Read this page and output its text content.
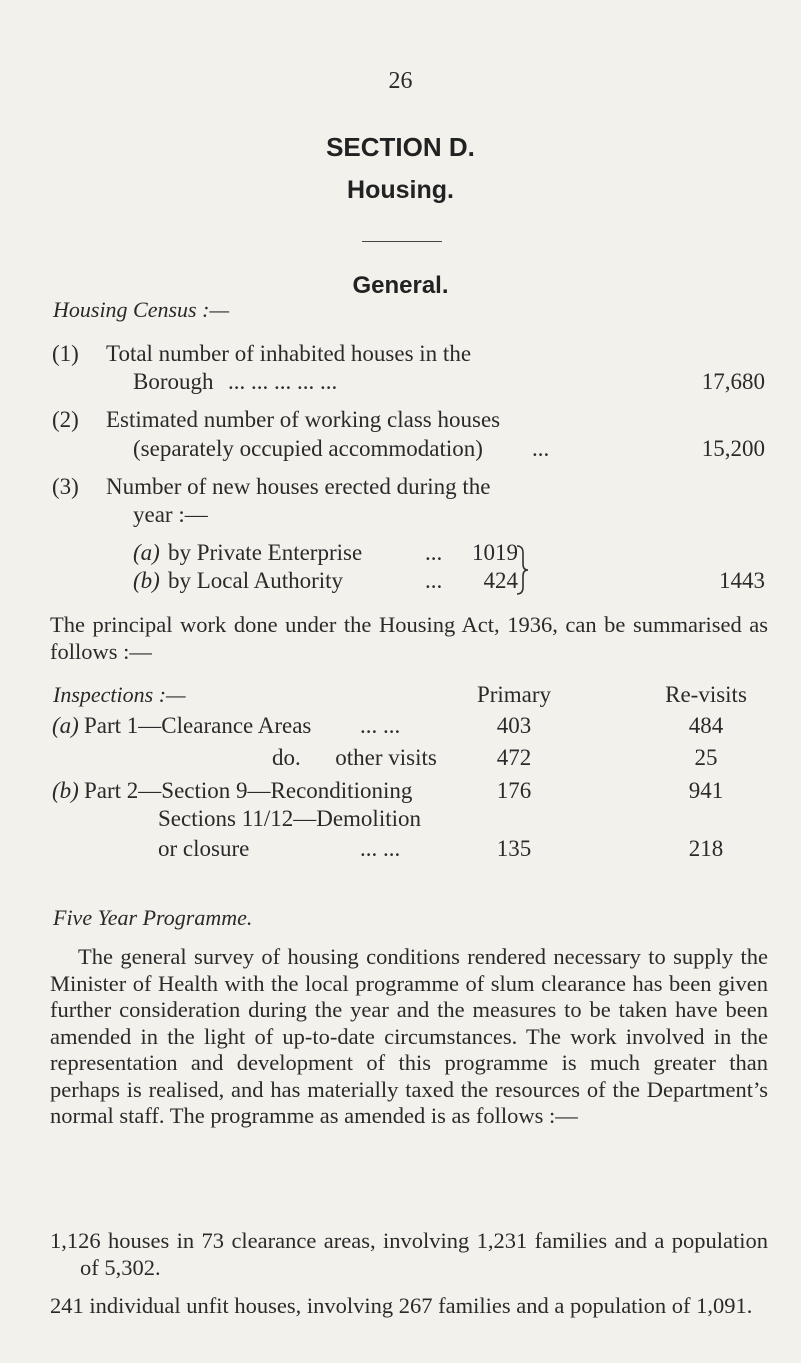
26
SECTION D.
Housing.
General.
Housing Census :—
(1) Total number of inhabited houses in the
Borough ... ... ... ... ...	17,680
(2) Estimated number of working class houses
(separately occupied accommodation) ...	15,200
(3) Number of new houses erected during the
year :—
(a) by Private Enterprise	...	1019
(b) by Local Authority	...	424	1443
The principal work done under the Housing Act, 1936, can be summarised as follows :—
Inspections :—	Primary	Re-visits
(a) Part 1—Clearance Areas ... ...	403	484
do.      other visits	472	25
(b) Part 2—Section 9—Reconditioning	176	941
Sections 11/12—Demolition
or closure	... ...	135	218
Five Year Programme.
The general survey of housing conditions rendered necessary to supply the Minister of Health with the local programme of slum clearance has been given further consideration during the year and the measures to be taken have been amended in the light of up-to-date circumstances. The work involved in the representation and development of this programme is much greater than perhaps is realised, and has materially taxed the resources of the Department’s normal staff. The programme as amended is as follows :—
1,126 houses in 73 clearance areas, involving 1,231 families and a population of 5,302.
241 individual unfit houses, involving 267 families and a population of 1,091.
